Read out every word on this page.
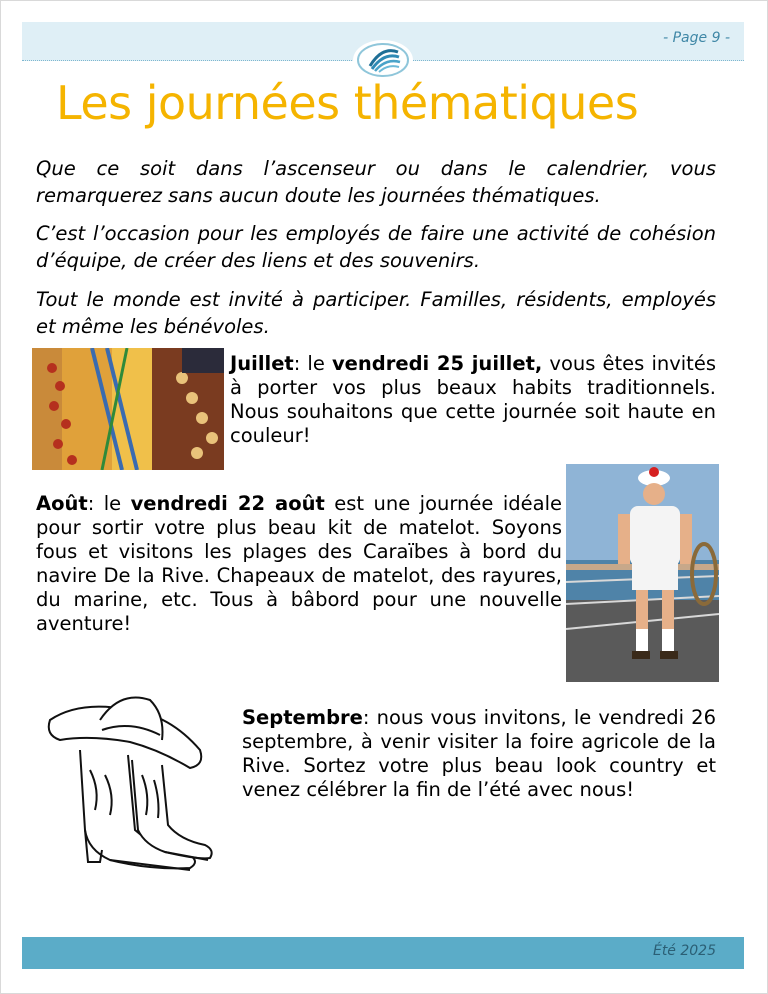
- Page 9 -
Les journées thématiques

Que ce soit dans l’ascenseur ou dans le calendrier, vous remarquerez sans aucun doute les journées thématiques.

C’est l’occasion pour les employés de faire une activité de cohésion d’équipe, de créer des liens et des souvenirs.

Tout le monde est invité à participer. Familles, résidents, employés et même les bénévoles.

Juillet: le vendredi 25 juillet, vous êtes invités à porter vos plus beaux habits traditionnels. Nous souhaitons que cette journée soit haute en couleur!

Août: le vendredi 22 août est une journée idéale pour sortir votre plus beau kit de matelot. Soyons fous et visitons les plages des Caraïbes à bord du navire De la Rive. Chapeaux de matelot, des rayures, du marine, etc. Tous à bâbord pour une nouvelle aventure!

Septembre: nous vous invitons, le vendredi 26 septembre, à venir visiter la foire agricole de la Rive. Sortez votre plus beau look country et venez célébrer la fin de l’été avec nous!

Été 2025
